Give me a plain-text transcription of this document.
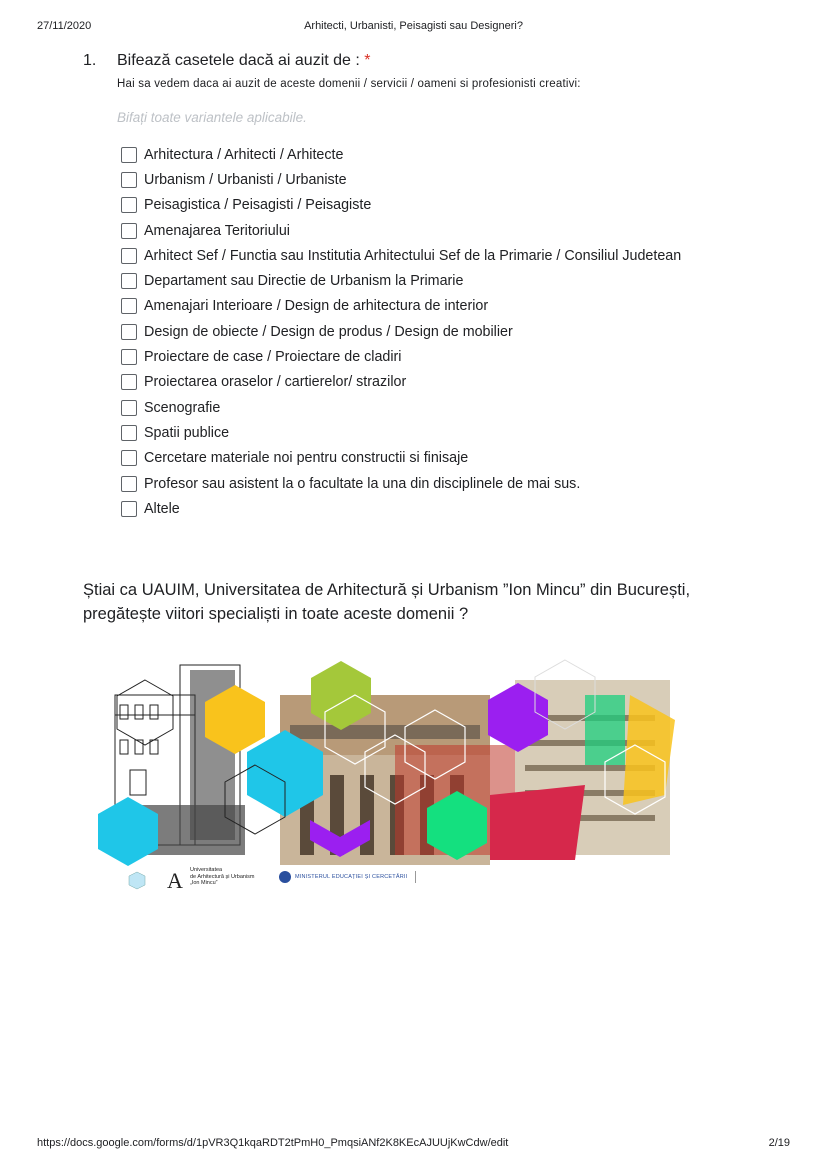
27/11/2020	Arhitecti, Urbanisti, Peisagisti sau Designeri?
1. Bifează casetele dacă ai auzit de : *
Hai sa vedem daca ai auzit de aceste domenii / servicii / oameni si profesionisti creativi:
Bifați toate variantele aplicabile.
Arhitectura / Arhitecti / Arhitecte
Urbanism / Urbanisti / Urbaniste
Peisagistica / Peisagisti / Peisagiste
Amenajarea Teritoriului
Arhitect Sef / Functia sau Institutia Arhitectului Sef de la Primarie / Consiliul Judetean
Departament sau Directie de Urbanism la Primarie
Amenajari Interioare / Design de arhitectura de interior
Design de obiecte / Design de produs / Design de mobilier
Proiectare de case / Proiectare de cladiri
Proiectarea oraselor / cartierelor/ strazilor
Scenografie
Spatii publice
Cercetare materiale noi pentru constructii si finisaje
Profesor sau asistent la o facultate la una din disciplinele de mai sus.
Altele
Știai ca UAUIM, Universitatea de Arhitectură și Urbanism ”Ion Mincu” din București,
pregătește viitori specialiști in toate aceste domenii ?
A Universitatea
de Arhitectură și Urbanism
„Ion Mincu”
MINISTERUL EDUCAȚIEI ȘI CERCETĂRII
https://docs.google.com/forms/d/1pVR3Q1kqaRDT2tPmH0_PmqsiANf2K8KEcAJUUjKwCdw/edit	2/19
